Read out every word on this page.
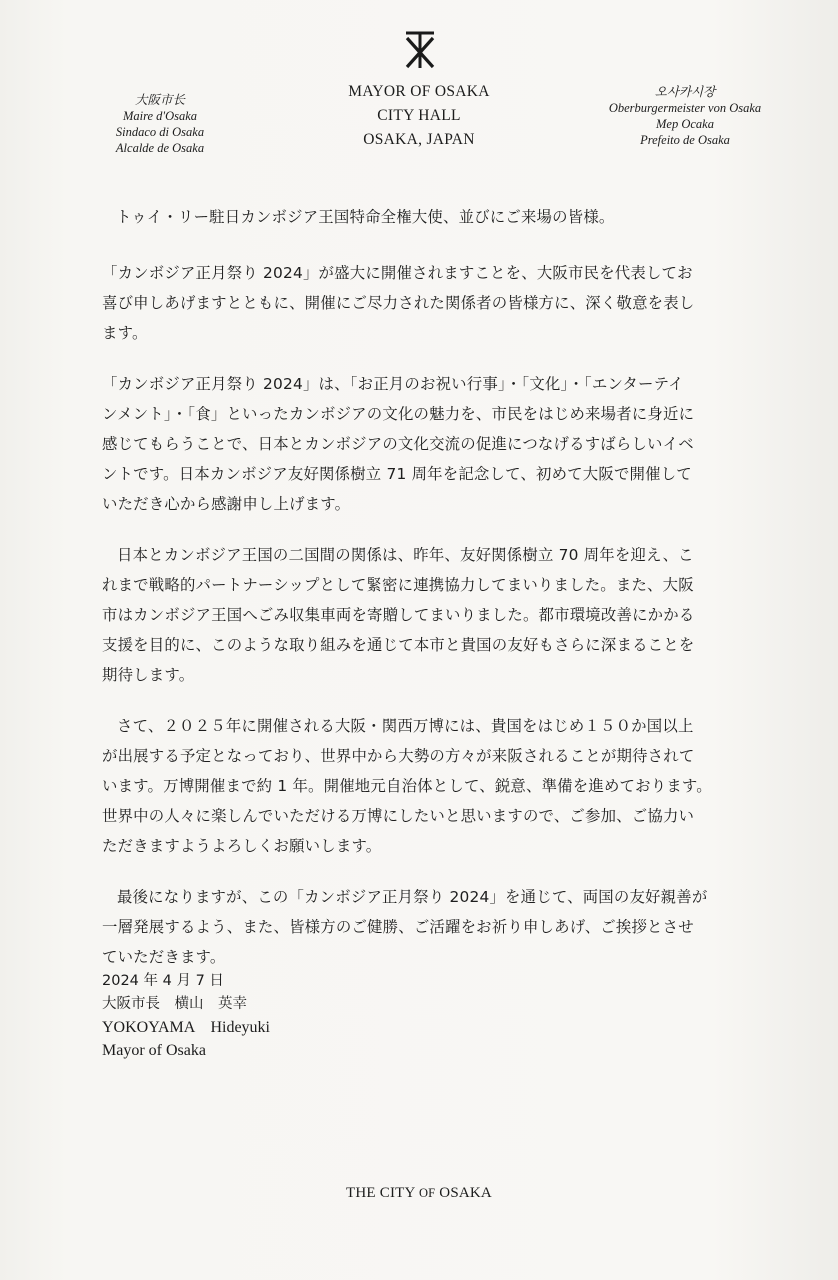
大阪市长
Maire d'Osaka
Sindaco di Osaka
Alcalde de Osaka
MAYOR OF OSAKA
CITY HALL
OSAKA, JAPAN
오사카시장
Oberburgermeister von Osaka
Mep Ocaka
Prefeito de Osaka

トゥイ・リー駐日カンボジア王国特命全権大使、並びにご来場の皆様。

「カンボジア正月祭り 2024」が盛大に開催されますことを、大阪市民を代表してお
喜び申しあげますとともに、開催にご尽力された関係者の皆様方に、深く敬意を表し
ます。

「カンボジア正月祭り 2024」は、「お正月のお祝い行事」・「文化」・「エンターテイ
ンメント」・「食」といったカンボジアの文化の魅力を、市民をはじめ来場者に身近に
感じてもらうことで、日本とカンボジアの文化交流の促進につなげるすばらしいイベ
ントです。日本カンボジア友好関係樹立 71 周年を記念して、初めて大阪で開催して
いただき心から感謝申し上げます。

日本とカンボジア王国の二国間の関係は、昨年、友好関係樹立 70 周年を迎え、こ
れまで戦略的パートナーシップとして緊密に連携協力してまいりました。また、大阪
市はカンボジア王国へごみ収集車両を寄贈してまいりました。都市環境改善にかかる
支援を目的に、このような取り組みを通じて本市と貴国の友好もさらに深まることを
期待します。

さて、２０２５年に開催される大阪・関西万博には、貴国をはじめ１５０か国以上
が出展する予定となっており、世界中から大勢の方々が来阪されることが期待されて
います。万博開催まで約 1 年。開催地元自治体として、鋭意、準備を進めております。
世界中の人々に楽しんでいただける万博にしたいと思いますので、ご参加、ご協力い
ただきますようよろしくお願いします。

最後になりますが、この「カンボジア正月祭り 2024」を通じて、両国の友好親善が
一層発展するよう、また、皆様方のご健勝、ご活躍をお祈り申しあげ、ご挨拶とさせ
ていただきます。

2024 年 4 月 7 日
大阪市長　横山　英幸
YOKOYAMA　Hideyuki
Mayor of Osaka
THE CITY OF OSAKA
